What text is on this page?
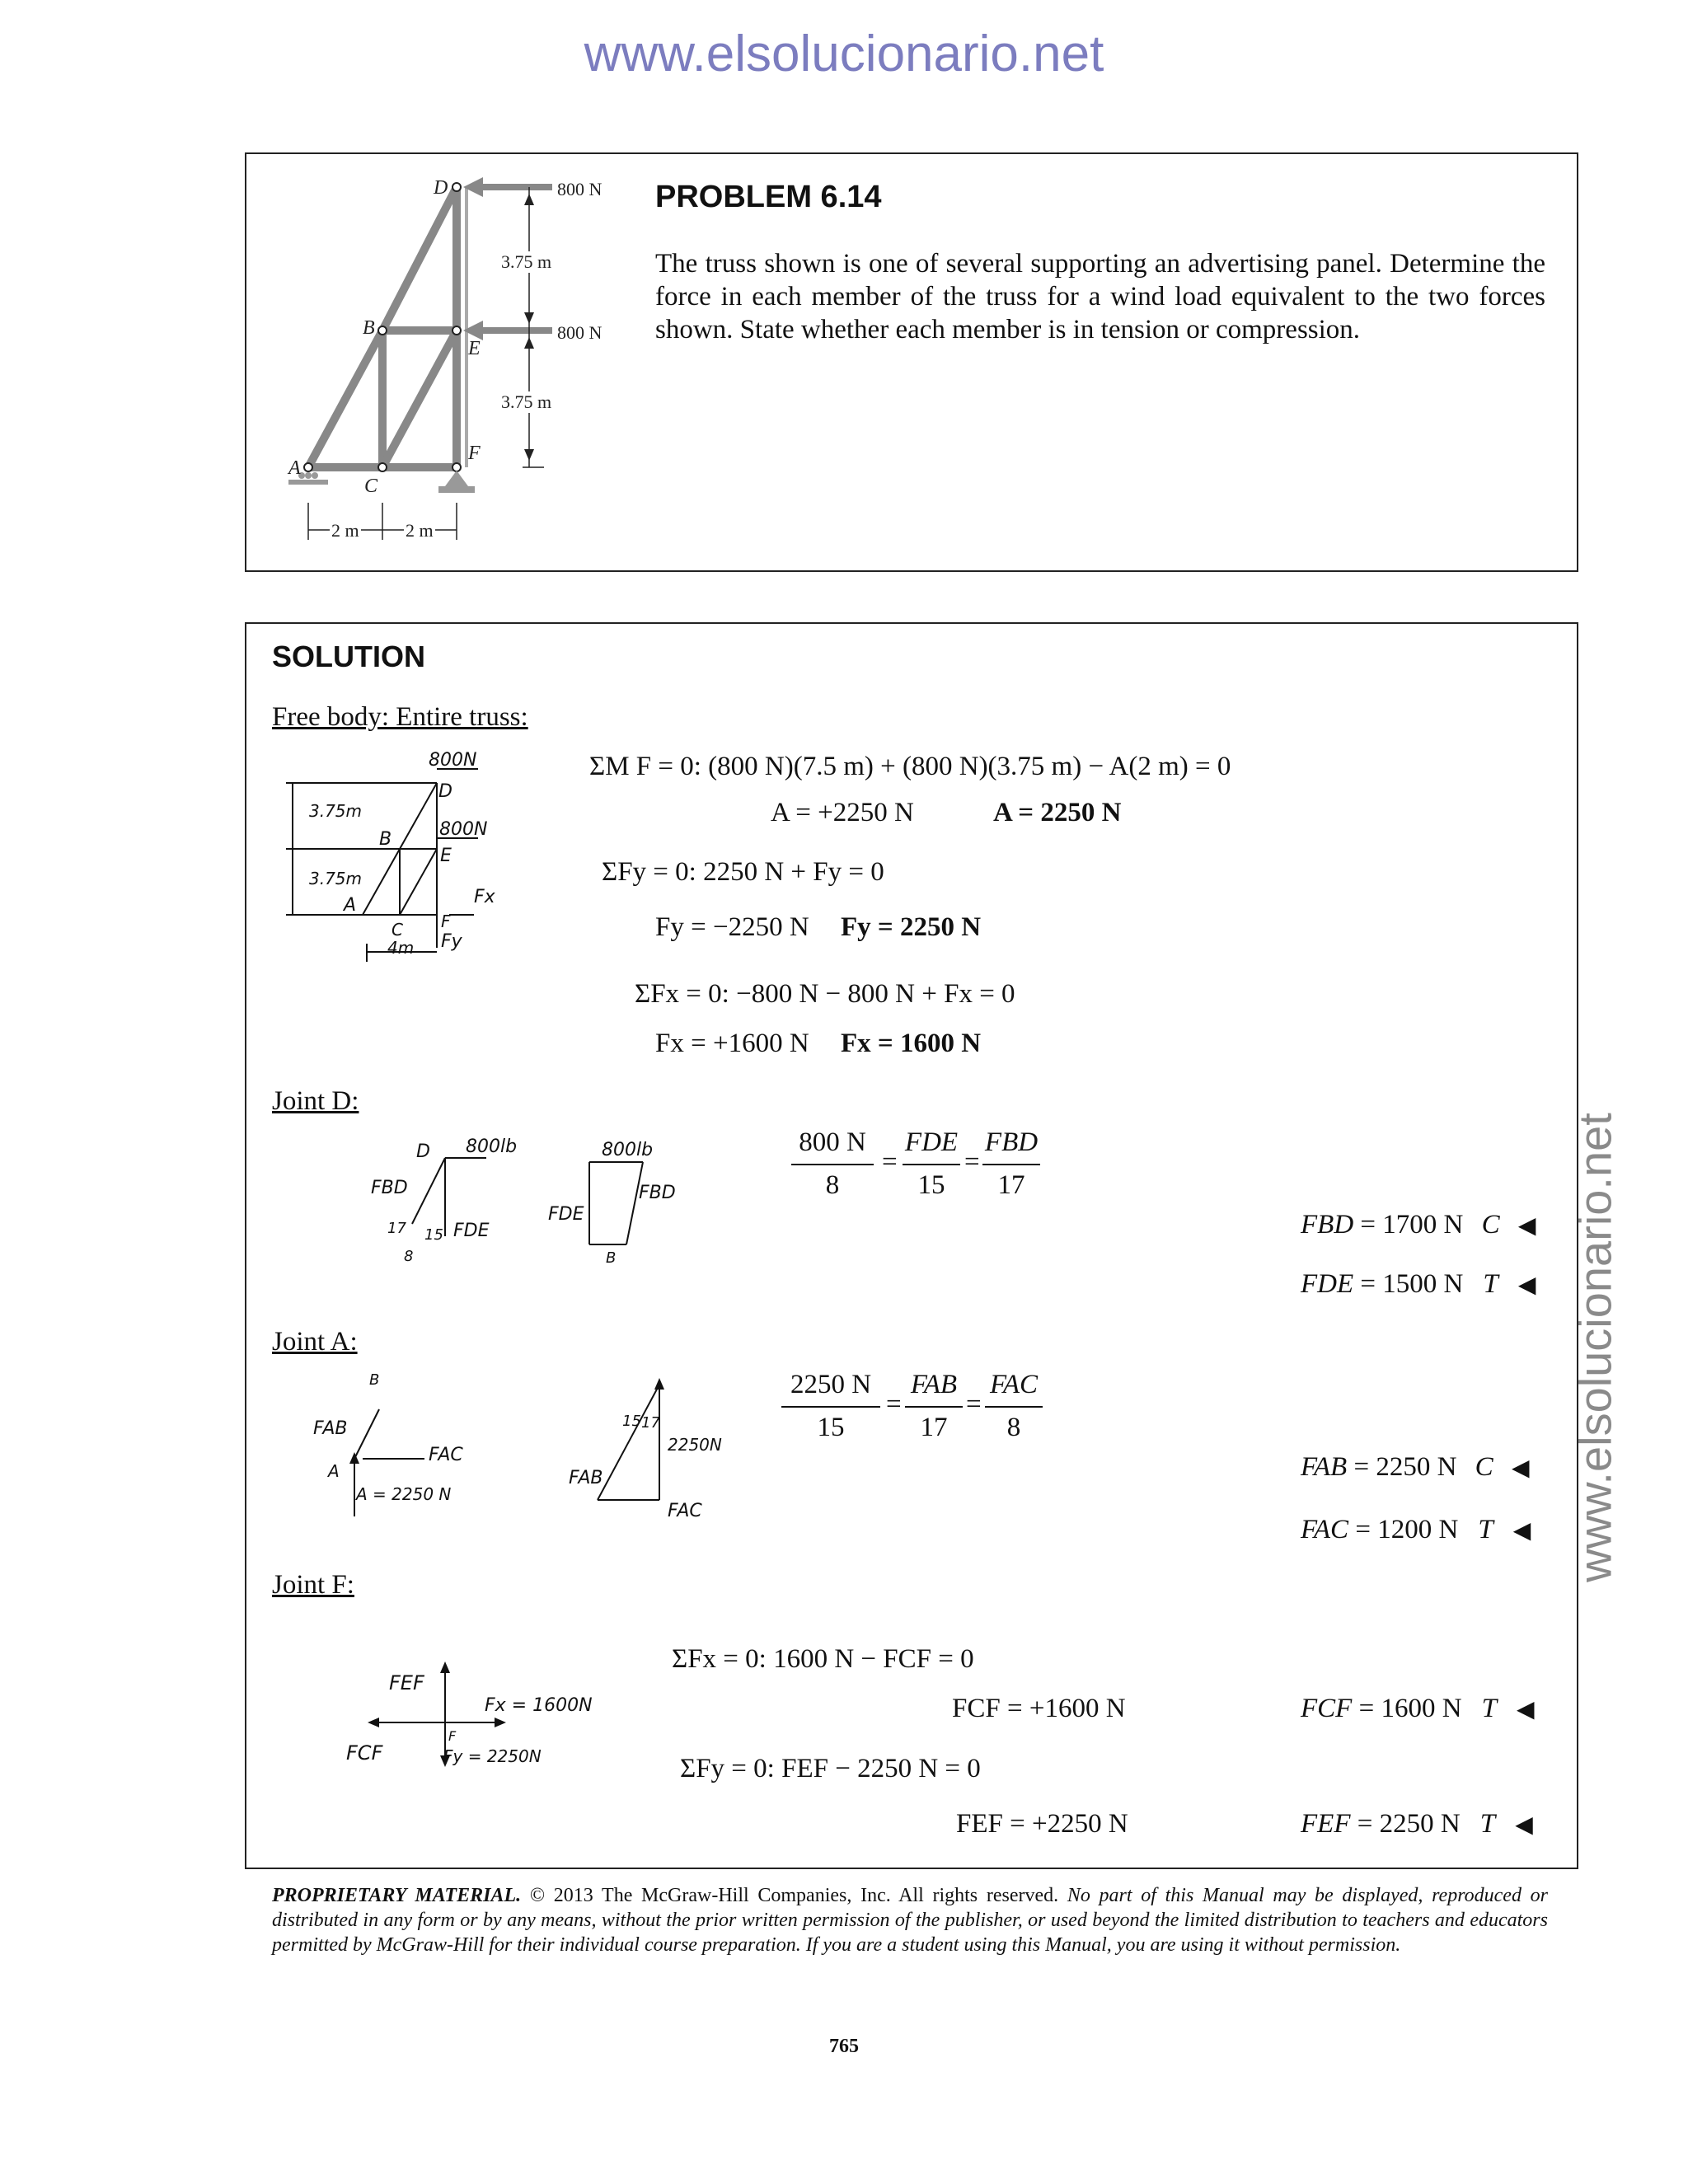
www.elsolucionario.net
www.elsolucionario.net
800 N
800 N
3.75 m
3.75 m
2 m	2 m
A
B
C
D
E
F
PROBLEM 6.14
The truss shown is one of several supporting an advertising panel. Determine the force in each member of the truss for a wind load equivalent to the two forces shown. State whether each member is in tension or compression.
SOLUTION
Free body: Entire truss:
800N
800N
3.75m
3.75m
4m
D
B
E
A
C F
Fx
Fy
ΣM F = 0: (800 N)(7.5 m) + (800 N)(3.75 m) − A(2 m) = 0
A = +2250 N	A = 2250 N
ΣFy = 0: 2250 N + Fy = 0
Fy = −2250 N Fy = 2250 N
ΣFx = 0: −800 N − 800 N + Fx = 0
Fx = +1600 N Fx = 1600 N
Joint D:
800lb	800lb
FBD
FDE
17 15
8
D
FBD
FDE
B
800 N
8
=
FDE
15
=
FBD
17
FBD = 1700 N C ◀
FDE = 1500 N T ◀
Joint A:
FAB
FAC
A = 2250 N
2250N
15 17
B
FAB
FAC
A
2250 N
15
=
FAB
17
=
FAC
8
FAB = 2250 N C ◀
FAC = 1200 N T ◀
Joint F:
FEF
FCF
Fx = 1600N
Fy = 2250N
F
ΣFx = 0: 1600 N − FCF = 0
FCF = +1600 N
ΣFy = 0: FEF − 2250 N = 0
FEF = +2250 N
FCF = 1600 N T ◀
FEF = 2250 N T ◀
PROPRIETARY MATERIAL. © 2013 The McGraw-Hill Companies, Inc. All rights reserved. No part of this Manual may be displayed, reproduced or distributed in any form or by any means, without the prior written permission of the publisher, or used beyond the limited distribution to teachers and educators permitted by McGraw-Hill for their individual course preparation. If you are a student using this Manual, you are using it without permission.
765
